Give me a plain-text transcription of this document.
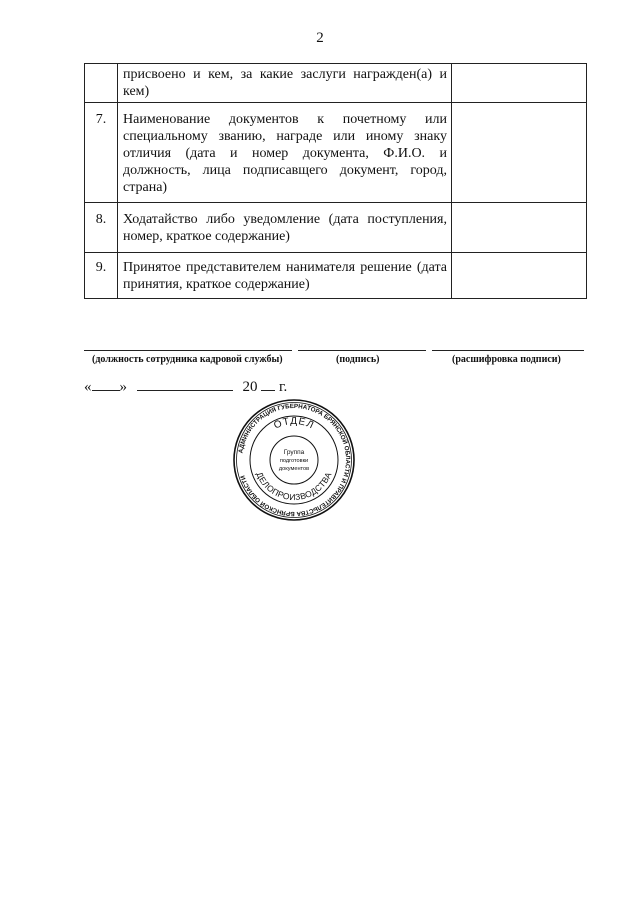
2
	присвоено и кем, за какие заслуги награжден(а) и кем)	
7.	Наименование документов к почетному или специальному званию, награде или иному знаку отличия (дата и номер документа, Ф.И.О. и должность, лица подписавщего документ, город, страна)	
8.	Ходатайство либо уведомление (дата поступления, номер, краткое содержание)	
9.	Принятое представителем нанимателя решение (дата принятия, краткое содержание)	
(должность сотрудника кадровой службы)	(подпись)	(расшифровка подписи)
« »	20 г.
АДМИНИСТРАЦИЯ ГУБЕРНАТОРА БРЯНСКОЙ ОБЛАСТИ И ПРАВИТЕЛЬСТВА БРЯНСКОЙ ОБЛАСТИ
ОТДЕЛ
ДЕЛОПРОИЗВОДСТВА
Группа
подготовки
документов
